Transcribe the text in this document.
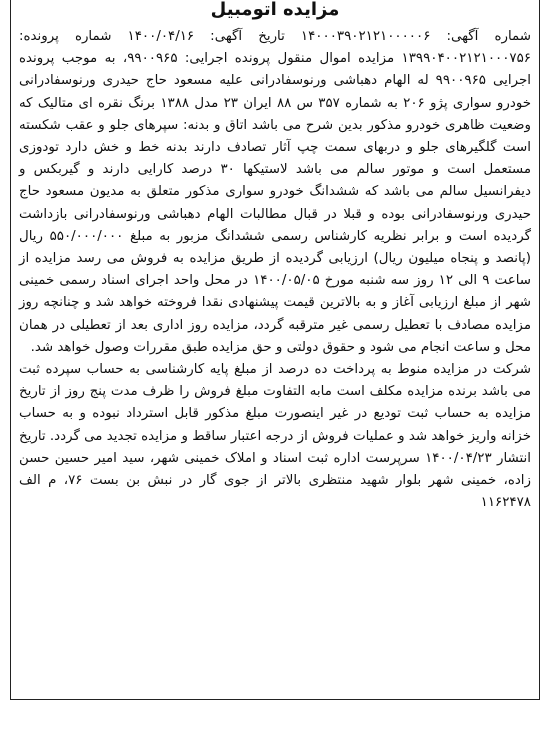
مزایده اتومبیل

شماره آگهی: ۱۴۰۰۰۳۹۰۲۱۲۱۰۰۰۰۰۶ تاریخ آگهی: ۱۴۰۰/۰۴/۱۶ شماره پرونده: ۱۳۹۹۰۴۰۰۲۱۲۱۰۰۰۷۵۶ مزایده اموال منقول پرونده اجرایی: ۹۹۰۰۹۶۵، به موجب پرونده اجرایی ۹۹۰۰۹۶۵ له الهام دهباشی ورنوسفادرانی علیه مسعود حاج حیدری ورنوسفادرانی خودرو سواری پژو ۲۰۶ به شماره ۳۵۷ س ۸۸ ایران ۲۳ مدل ۱۳۸۸ برنگ نقره ای متالیک که وضعیت ظاهری خودرو مذکور بدین شرح می باشد اتاق و بدنه: سپرهای جلو و عقب شکسته است گلگیرهای جلو و دربهای سمت چپ آثار تصادف دارند بدنه خط و خش دارد تودوزی مستعمل است و موتور سالم می باشد لاستیکها ۳۰ درصد کارایی دارند و گیربکس و دیفرانسیل سالم می باشد که ششدانگ خودرو سواری مذکور متعلق به مدیون مسعود حاج حیدری ورنوسفادرانی بوده و قبلا در قبال مطالبات الهام دهباشی ورنوسفادرانی بازداشت گردیده است و برابر نظریه کارشناس رسمی ششدانگ مزبور به مبلغ ۵۵۰/۰۰۰/۰۰۰ ریال (پانصد و پنجاه میلیون ریال) ارزیابی گردیده از طریق مزایده به فروش می رسد مزایده از ساعت ۹ الی ۱۲ روز سه شنبه مورخ ۱۴۰۰/۰۵/۰۵ در محل واحد اجرای اسناد رسمی خمینی شهر از مبلغ ارزیابی آغاز و به بالاترین قیمت پیشنهادی نقدا فروخته خواهد شد و چنانچه روز مزایده مصادف با تعطیل رسمی غیر مترقبه گردد، مزایده روز اداری بعد از تعطیلی در همان محل و ساعت انجام می شود و حقوق دولتی و حق مزایده طبق مقررات وصول خواهد شد.

شرکت در مزایده منوط به پرداخت ده درصد از مبلغ پایه کارشناسی به حساب سپرده ثبت می باشد برنده مزایده مکلف است مابه التفاوت مبلغ فروش را ظرف مدت پنج روز از تاریخ مزایده به حساب ثبت تودیع در غیر اینصورت مبلغ مذکور قابل استرداد نبوده و به حساب خزانه واریز خواهد شد و عملیات فروش از درجه اعتبار ساقط و مزایده تجدید می گردد. تاریخ انتشار ۱۴۰۰/۰۴/۲۳ سرپرست اداره ثبت اسناد و املاک خمینی شهر، سید امیر حسین حسن زاده، خمینی شهر بلوار شهید منتظری بالاتر از جوی گار در نبش بن بست ۷۶، م الف ۱۱۶۲۴۷۸
